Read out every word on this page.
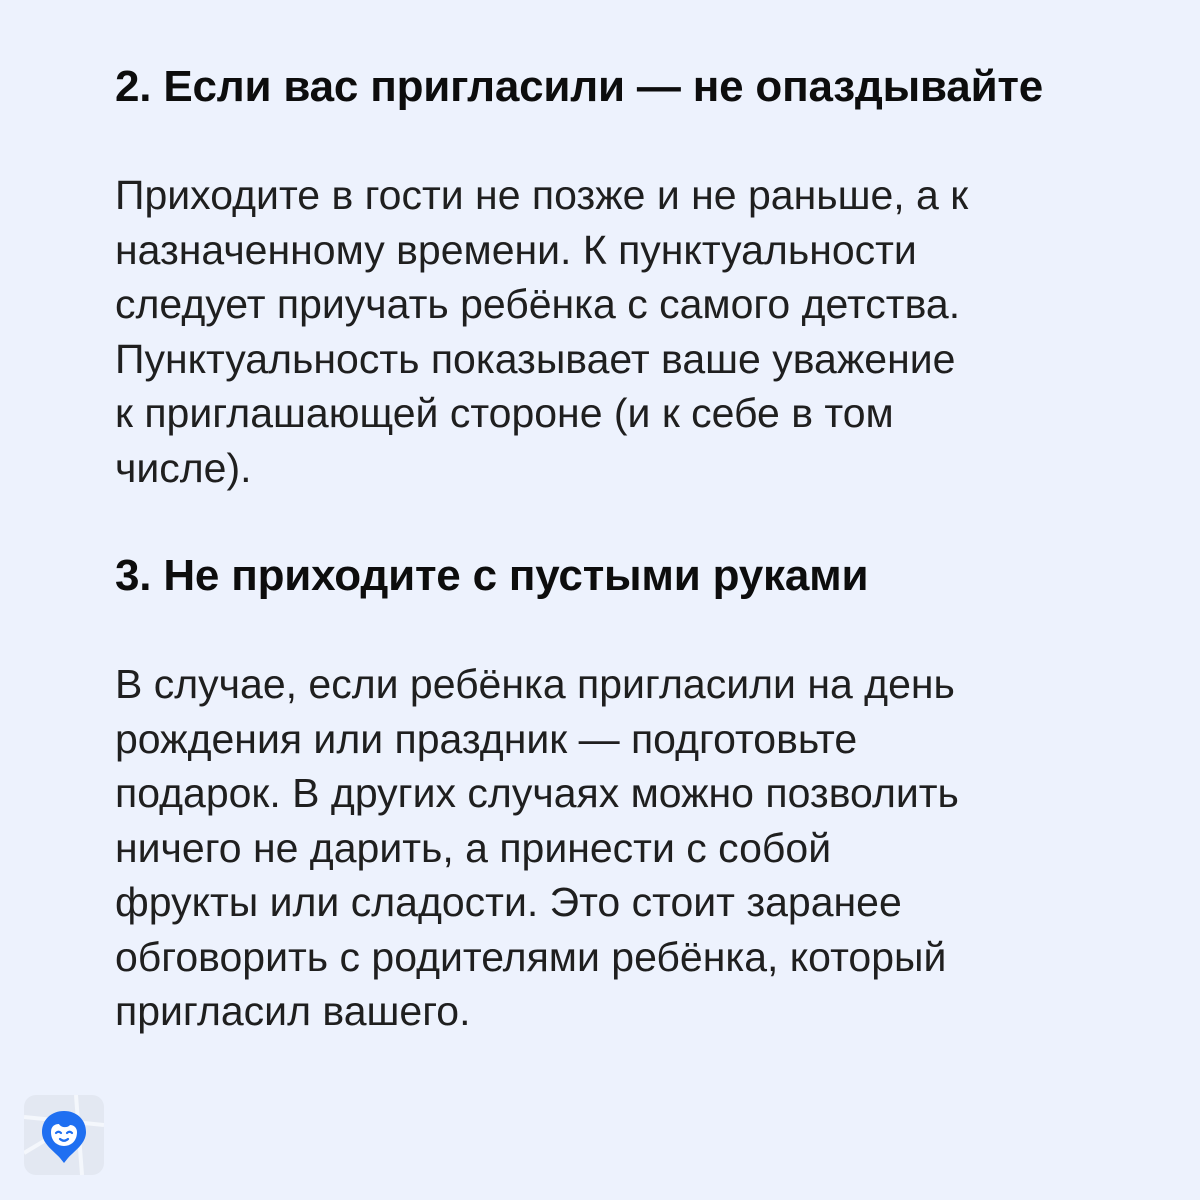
2. Если вас пригласили — не опаздывайте

Приходите в гости не позже и не раньше, а к
назначенному времени. К пунктуальности
следует приучать ребёнка с самого детства.
Пунктуальность показывает ваше уважение
к приглашающей стороне (и к себе в том
числе).

3. Не приходите с пустыми руками

В случае, если ребёнка пригласили на день
рождения или праздник — подготовьте
подарок. В других случаях можно позволить
ничего не дарить, а принести с собой
фрукты или сладости. Это стоит заранее
обговорить с родителями ребёнка, который
пригласил вашего.
